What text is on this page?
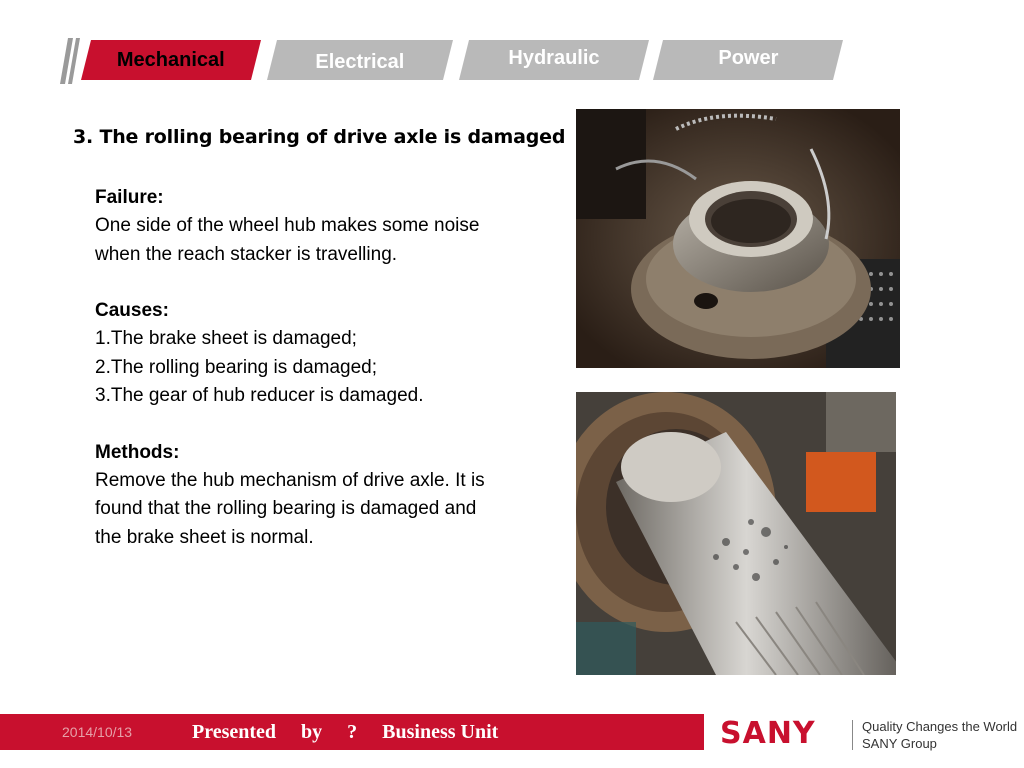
Mechanical	Electrical	Hydraulic	Power
3. The rolling bearing of drive axle is damaged
Failure:
One side of the wheel hub makes some noise
when the reach stacker is travelling.
Causes:
1.The brake sheet is damaged;
2.The rolling bearing is damaged;
3.The gear of hub reducer is damaged.
Methods:
Remove the hub mechanism of drive axle. It is
found that the rolling bearing is damaged and
the brake sheet is normal.
2014/10/13	Presented     by     ?     Business Unit	SANY	Quality Changes the World
SANY Group
